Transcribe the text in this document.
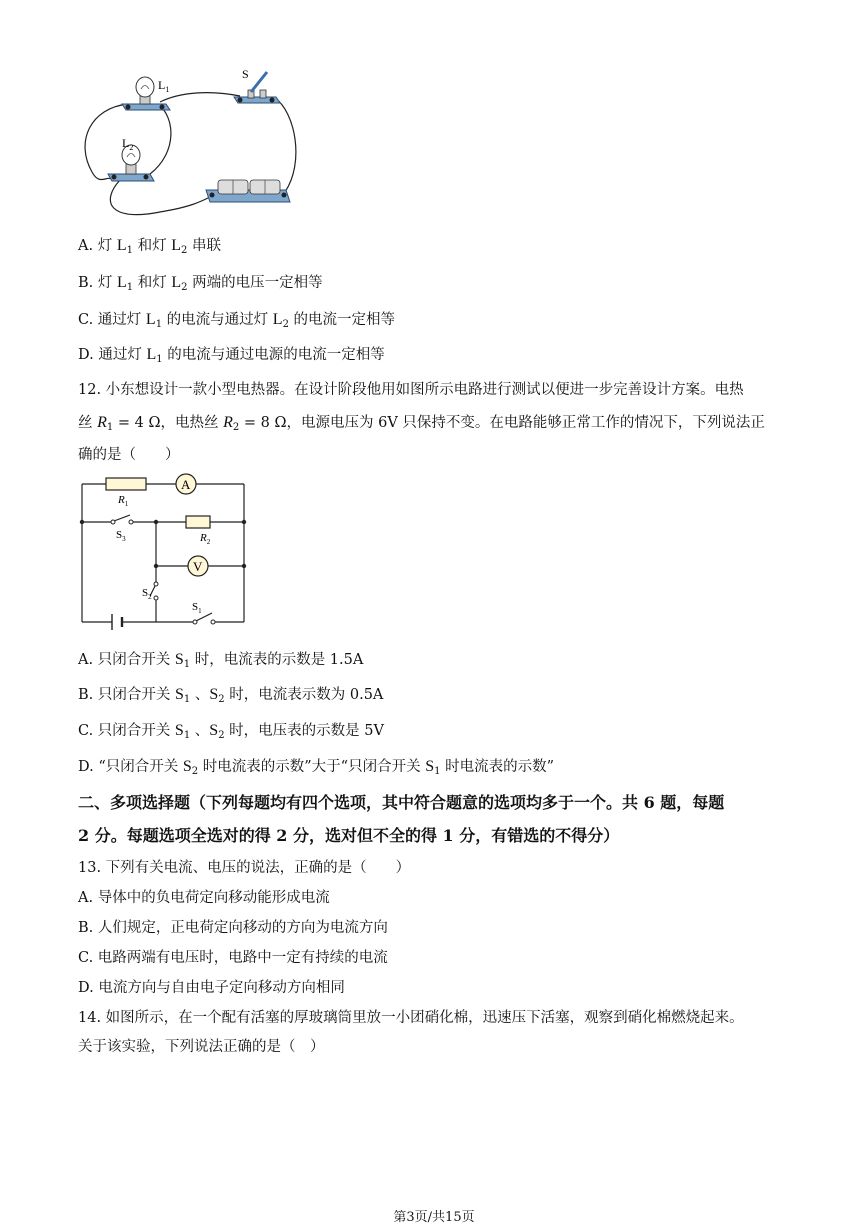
$L_1$
$L_2$
S
A. 灯 $L_1$ 和灯 $L_2$ 串联
B. 灯 $L_1$ 和灯 $L_2$ 两端的电压一定相等
C. 通过灯 $L_1$ 的电流与通过灯 $L_2$ 的电流一定相等
D. 通过灯 $L_1$ 的电流与通过电源的电流一定相等
12. 小东想设计一款小型电热器。在设计阶段他用如图所示电路进行测试以便进一步完善设计方案。电热
丝 $R_1 = 4$ Ω，电热丝 $R_2 = 8$ Ω，电源电压为 6V 只保持不变。在电路能够正常工作的情况下，下列说法正
确的是（　　）
A
V
$R_1$
$R_2$
$S_3$
$S_2$
$S_1$
A. 只闭合开关 $S_1$ 时，电流表的示数是 1.5A
B. 只闭合开关 $S_1$ 、$S_2$ 时，电流表示数为 0.5A
C. 只闭合开关 $S_1$ 、$S_2$ 时，电压表的示数是 5V
D. “只闭合开关 $S_2$ 时电流表的示数”大于“只闭合开关 $S_1$ 时电流表的示数”
二、多项选择题（下列每题均有四个选项，其中符合题意的选项均多于一个。共 6 题，每题
2 分。每题选项全选对的得 2 分，选对但不全的得 1 分，有错选的不得分）
13. 下列有关电流、电压的说法，正确的是（　　）
A. 导体中的负电荷定向移动能形成电流
B. 人们规定，正电荷定向移动的方向为电流方向
C. 电路两端有电压时，电路中一定有持续的电流
D. 电流方向与自由电子定向移动方向相同
14. 如图所示，在一个配有活塞的厚玻璃筒里放一小团硝化棉，迅速压下活塞，观察到硝化棉燃烧起来。
关于该实验，下列说法正确的是（　）
第3页/共15页
